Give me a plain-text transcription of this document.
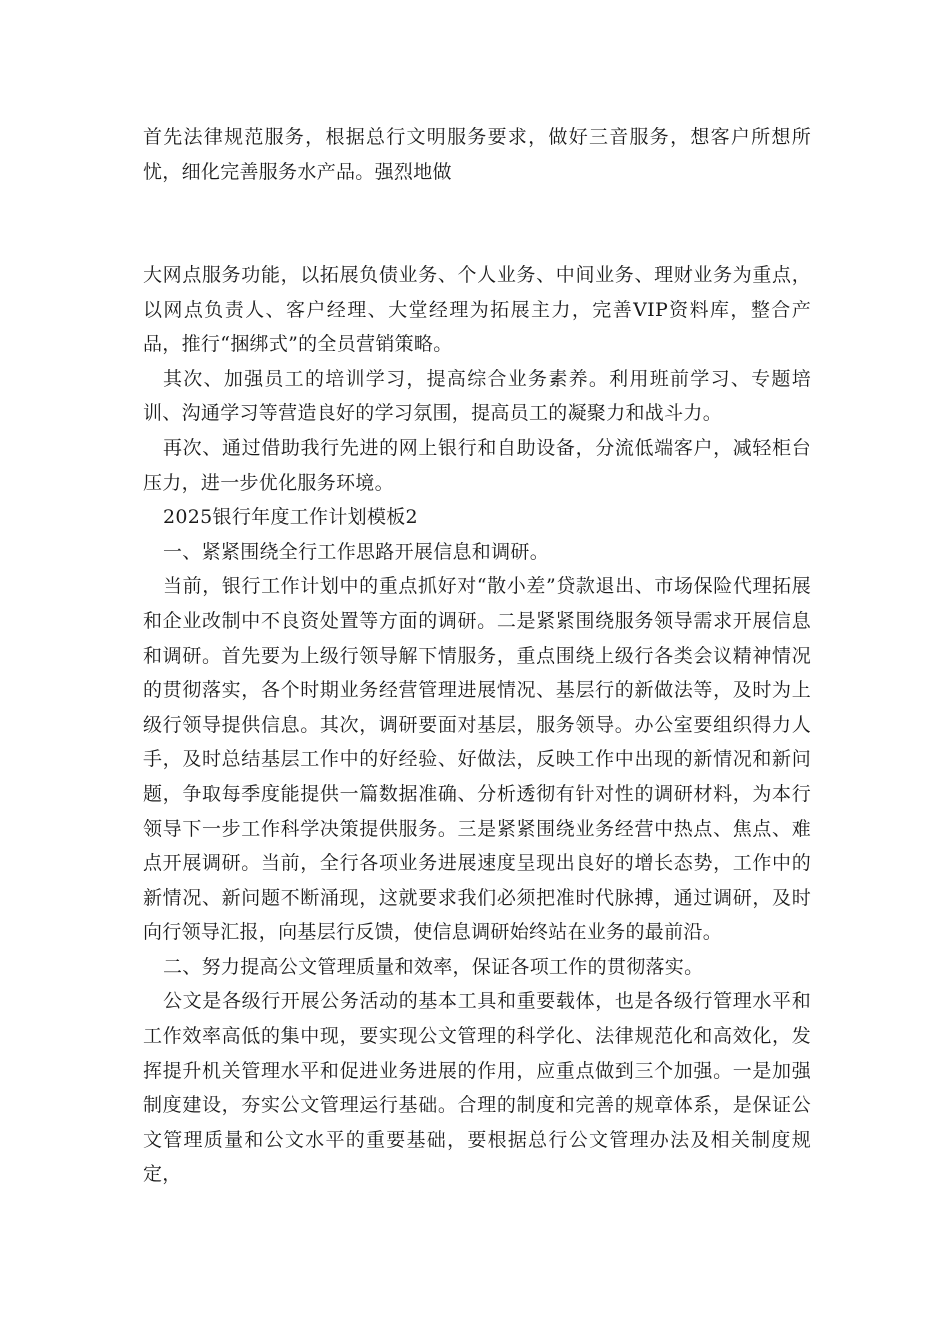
首先法律规范服务，根据总行文明服务要求，做好三音服务，想客户所想所忧，细化完善服务水产品。强烈地做

大网点服务功能，以拓展负债业务、个人业务、中间业务、理财业务为重点，以网点负责人、客户经理、大堂经理为拓展主力，完善VIP资料库，整合产品，推行“捆绑式”的全员营销策略。

其次、加强员工的培训学习，提高综合业务素养。利用班前学习、专题培训、沟通学习等营造良好的学习氛围，提高员工的凝聚力和战斗力。

再次、通过借助我行先进的网上银行和自助设备，分流低端客户，减轻柜台压力，进一步优化服务环境。

2025银行年度工作计划模板2

一、紧紧围绕全行工作思路开展信息和调研。

当前，银行工作计划中的重点抓好对“散小差”贷款退出、市场保险代理拓展和企业改制中不良资处置等方面的调研。二是紧紧围绕服务领导需求开展信息和调研。首先要为上级行领导解下情服务，重点围绕上级行各类会议精神情况的贯彻落实，各个时期业务经营管理进展情况、基层行的新做法等，及时为上级行领导提供信息。其次，调研要面对基层，服务领导。办公室要组织得力人手，及时总结基层工作中的好经验、好做法，反映工作中出现的新情况和新问题，争取每季度能提供一篇数据准确、分析透彻有针对性的调研材料，为本行领导下一步工作科学决策提供服务。三是紧紧围绕业务经营中热点、焦点、难点开展调研。当前，全行各项业务进展速度呈现出良好的增长态势，工作中的新情况、新问题不断涌现，这就要求我们必须把准时代脉搏，通过调研，及时向行领导汇报，向基层行反馈，使信息调研始终站在业务的最前沿。

二、努力提高公文管理质量和效率，保证各项工作的贯彻落实。

公文是各级行开展公务活动的基本工具和重要载体，也是各级行管理水平和工作效率高低的集中现，要实现公文管理的科学化、法律规范化和高效化，发挥提升机关管理水平和促进业务进展的作用，应重点做到三个加强。一是加强制度建设，夯实公文管理运行基础。合理的制度和完善的规章体系，是保证公文管理质量和公文水平的重要基础，要根据总行公文管理办法及相关制度规定，
